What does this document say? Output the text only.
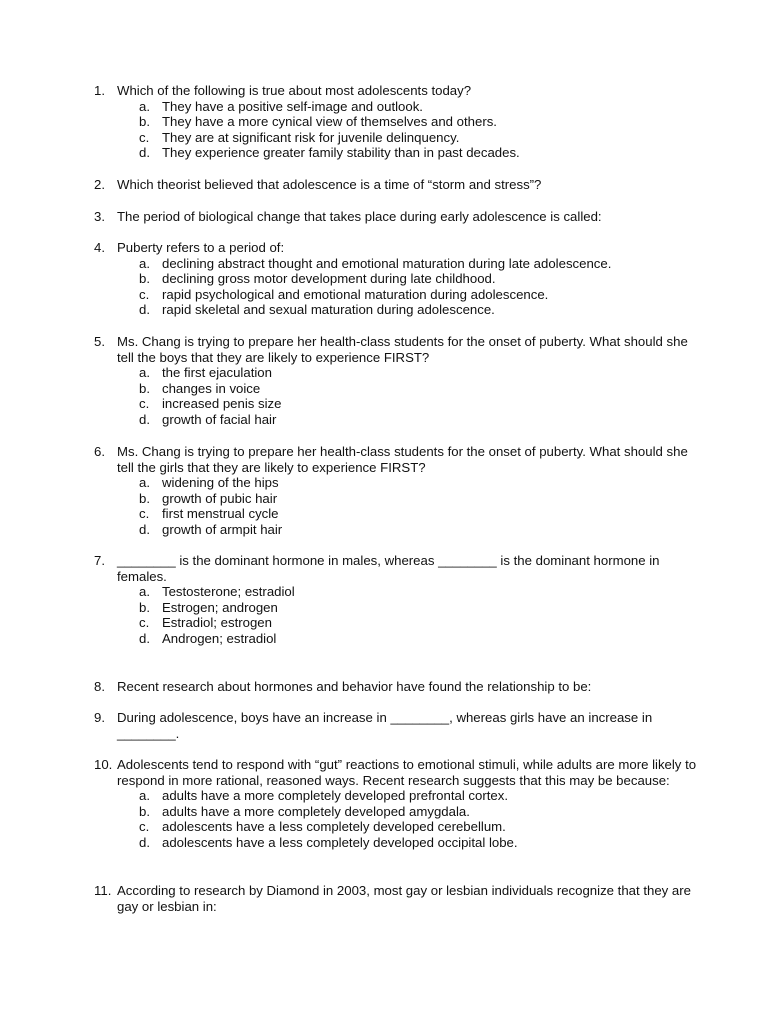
1. Which of the following is true about most adolescents today?
a. They have a positive self-image and outlook.
b. They have a more cynical view of themselves and others.
c. They are at significant risk for juvenile delinquency.
d. They experience greater family stability than in past decades.
2. Which theorist believed that adolescence is a time of “storm and stress”?
3. The period of biological change that takes place during early adolescence is called:
4. Puberty refers to a period of:
a. declining abstract thought and emotional maturation during late adolescence.
b. declining gross motor development during late childhood.
c. rapid psychological and emotional maturation during adolescence.
d. rapid skeletal and sexual maturation during adolescence.
5. Ms. Chang is trying to prepare her health-class students for the onset of puberty. What should she tell the boys that they are likely to experience FIRST?
a. the first ejaculation
b. changes in voice
c. increased penis size
d. growth of facial hair
6. Ms. Chang is trying to prepare her health-class students for the onset of puberty. What should she tell the girls that they are likely to experience FIRST?
a. widening of the hips
b. growth of pubic hair
c. first menstrual cycle
d. growth of armpit hair
7. ________ is the dominant hormone in males, whereas ________ is the dominant hormone in females.
a. Testosterone; estradiol
b. Estrogen; androgen
c. Estradiol; estrogen
d. Androgen; estradiol
8. Recent research about hormones and behavior have found the relationship to be:
9. During adolescence, boys have an increase in ________, whereas girls have an increase in ________.
10. Adolescents tend to respond with “gut” reactions to emotional stimuli, while adults are more likely to respond in more rational, reasoned ways. Recent research suggests that this may be because:
a. adults have a more completely developed prefrontal cortex.
b. adults have a more completely developed amygdala.
c. adolescents have a less completely developed cerebellum.
d. adolescents have a less completely developed occipital lobe.
11. According to research by Diamond in 2003, most gay or lesbian individuals recognize that they are gay or lesbian in:
